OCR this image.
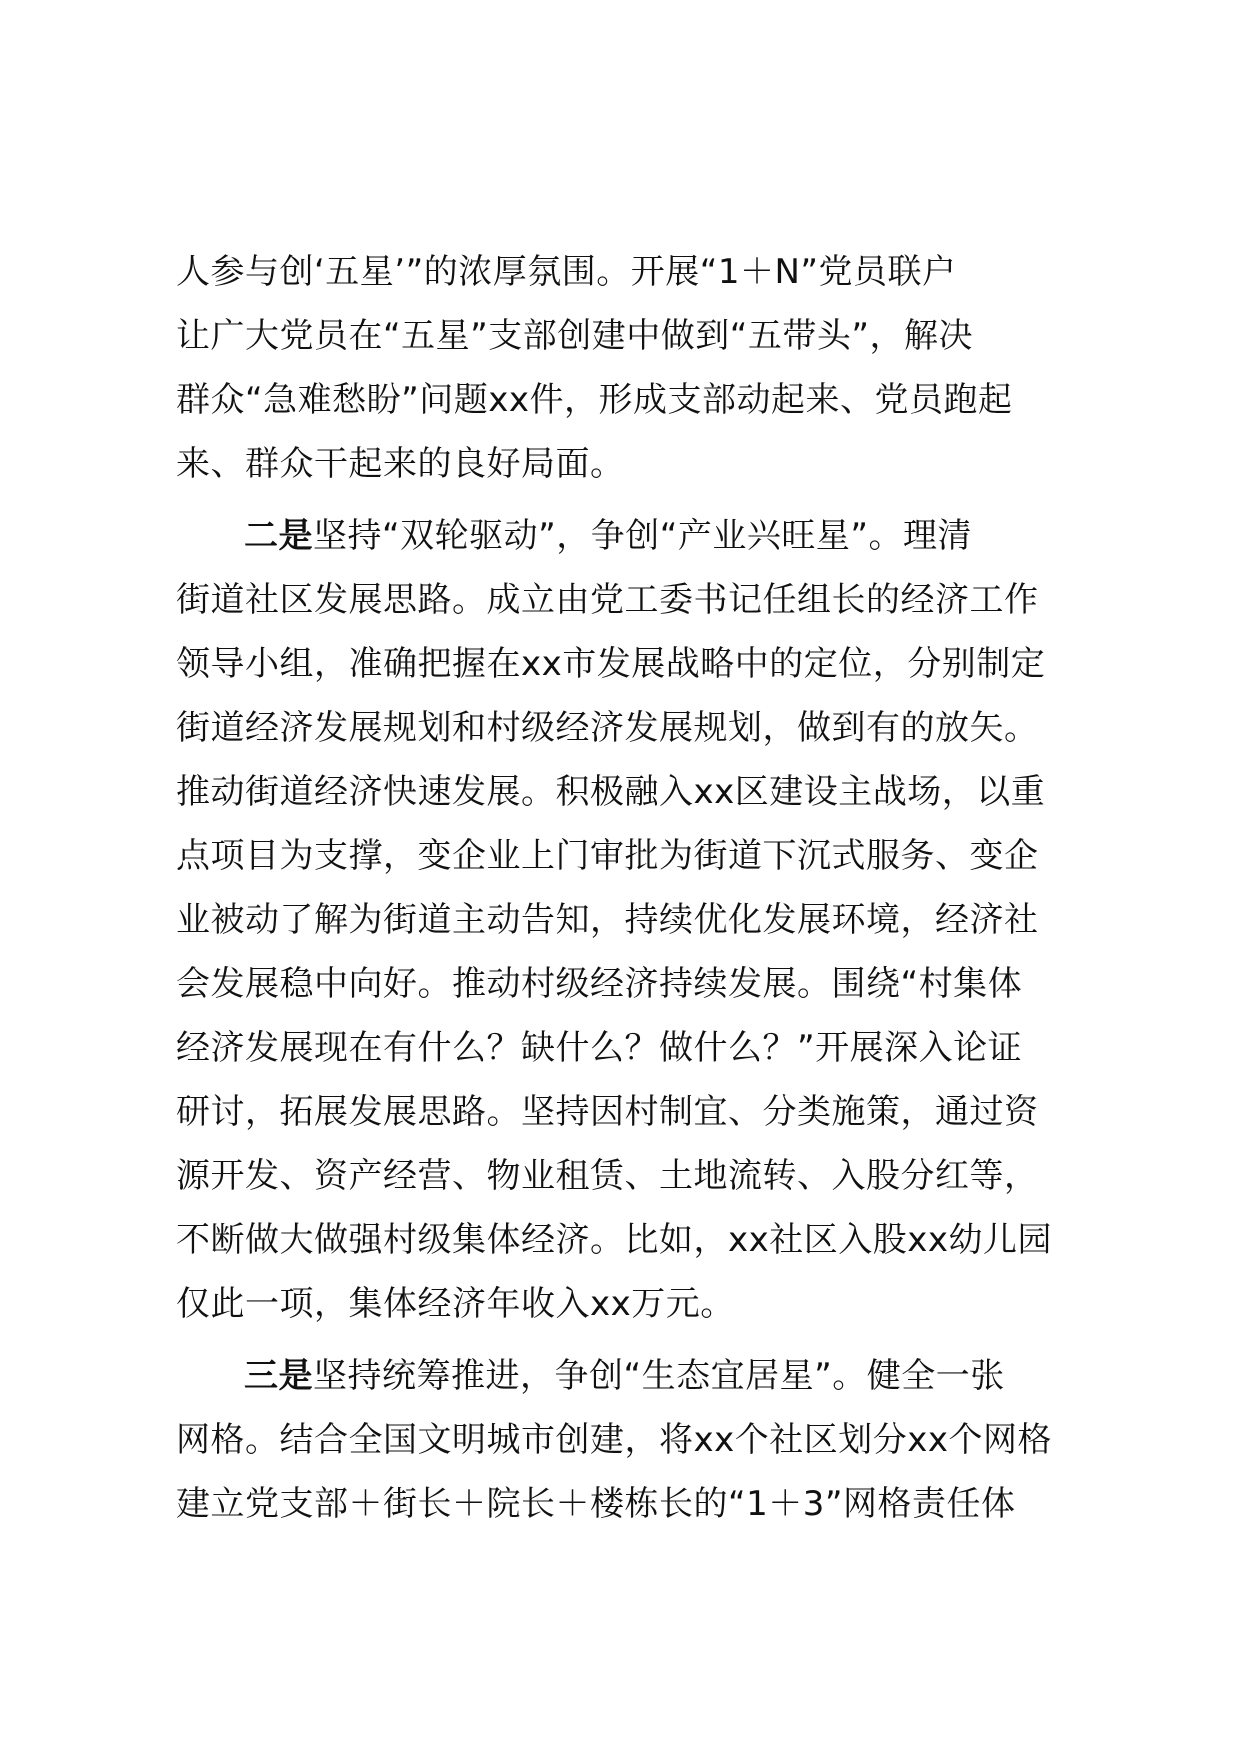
人参与创‘五星’”的浓厚氛围。开展“1＋N”党员联户
让广大党员在“五星”支部创建中做到“五带头”，解决
群众“急难愁盼”问题xx件，形成支部动起来、党员跑起
来、群众干起来的良好局面。
二是坚持“双轮驱动”，争创“产业兴旺星”。理清
街道社区发展思路。成立由党工委书记任组长的经济工作
领导小组，准确把握在xx市发展战略中的定位，分别制定
街道经济发展规划和村级经济发展规划，做到有的放矢。
推动街道经济快速发展。积极融入xx区建设主战场，以重
点项目为支撑，变企业上门审批为街道下沉式服务、变企
业被动了解为街道主动告知，持续优化发展环境，经济社
会发展稳中向好。推动村级经济持续发展。围绕“村集体
经济发展现在有什么？缺什么？做什么？”开展深入论证
研讨，拓展发展思路。坚持因村制宜、分类施策，通过资
源开发、资产经营、物业租赁、土地流转、入股分红等，
不断做大做强村级集体经济。比如，xx社区入股xx幼儿园
仅此一项，集体经济年收入xx万元。
三是坚持统筹推进，争创“生态宜居星”。健全一张
网格。结合全国文明城市创建，将xx个社区划分xx个网格
建立党支部＋街长＋院长＋楼栋长的“1＋3”网格责任体
